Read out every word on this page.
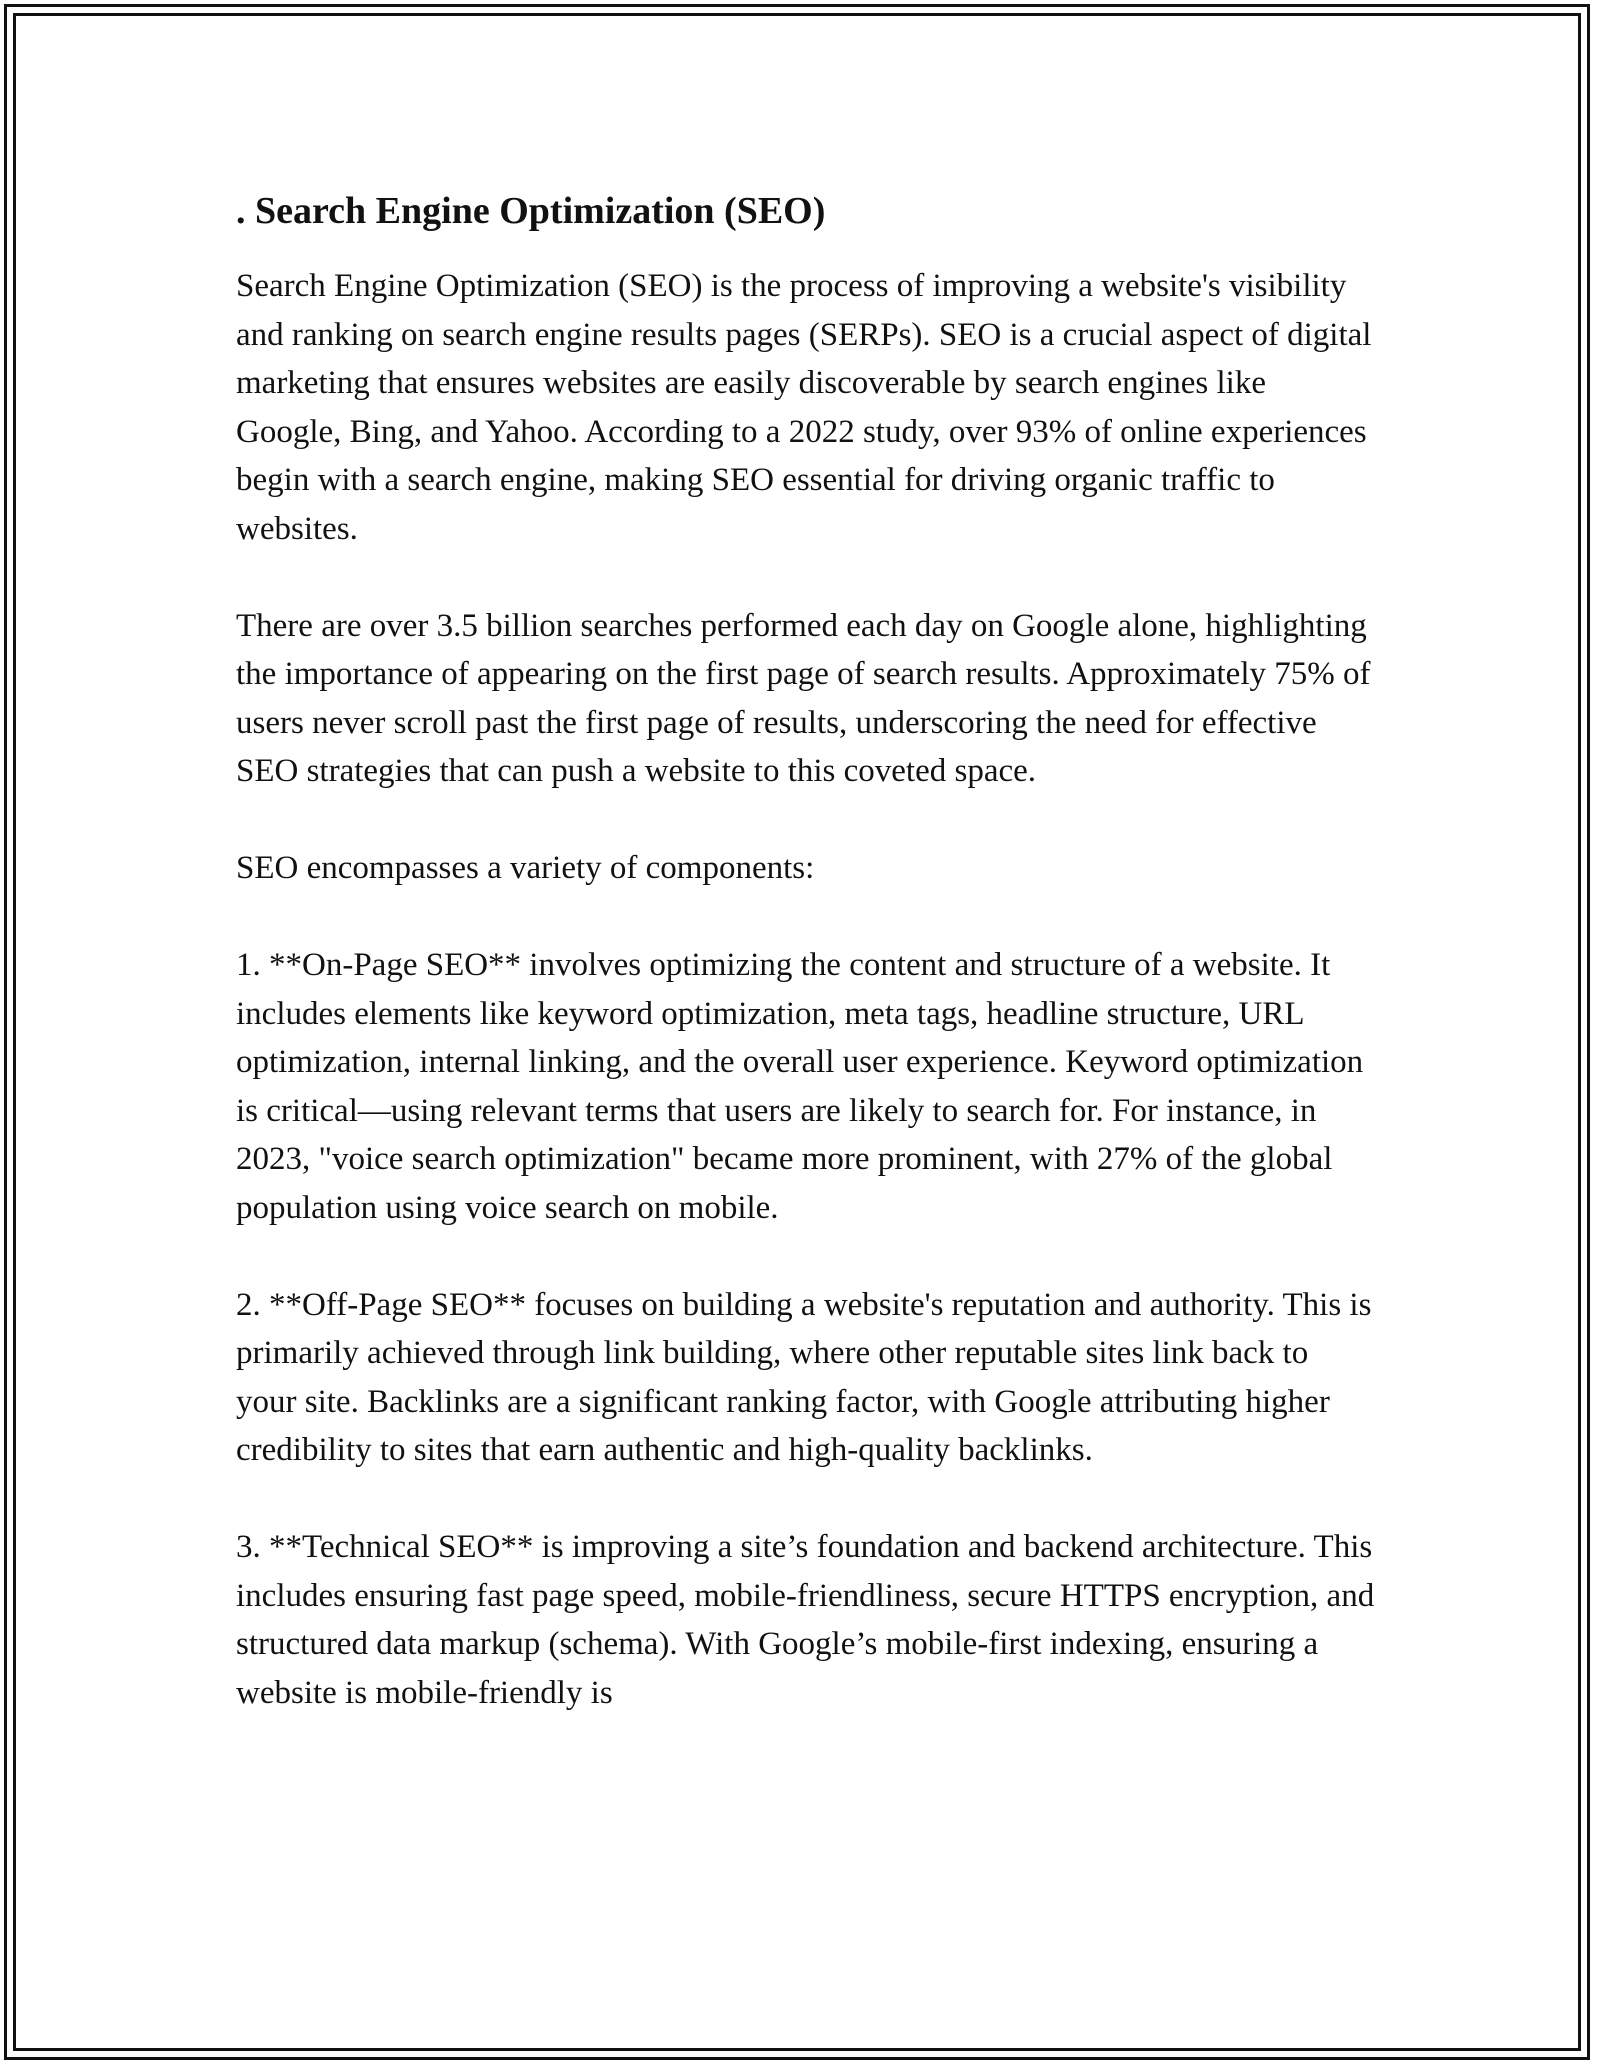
. Search Engine Optimization (SEO)

Search Engine Optimization (SEO) is the process of improving a website's visibility and ranking on search engine results pages (SERPs). SEO is a crucial aspect of digital marketing that ensures websites are easily discoverable by search engines like Google, Bing, and Yahoo. According to a 2022 study, over 93% of online experiences begin with a search engine, making SEO essential for driving organic traffic to websites.

There are over 3.5 billion searches performed each day on Google alone, highlighting the importance of appearing on the first page of search results. Approximately 75% of users never scroll past the first page of results, underscoring the need for effective SEO strategies that can push a website to this coveted space.

SEO encompasses a variety of components:

1. **On-Page SEO** involves optimizing the content and structure of a website. It includes elements like keyword optimization, meta tags, headline structure, URL optimization, internal linking, and the overall user experience. Keyword optimization is critical—using relevant terms that users are likely to search for. For instance, in 2023, "voice search optimization" became more prominent, with 27% of the global population using voice search on mobile.

2. **Off-Page SEO** focuses on building a website's reputation and authority. This is primarily achieved through link building, where other reputable sites link back to your site. Backlinks are a significant ranking factor, with Google attributing higher credibility to sites that earn authentic and high-quality backlinks.

3. **Technical SEO** is improving a site’s foundation and backend architecture. This includes ensuring fast page speed, mobile-friendliness, secure HTTPS encryption, and structured data markup (schema). With Google’s mobile-first indexing, ensuring a website is mobile-friendly is
